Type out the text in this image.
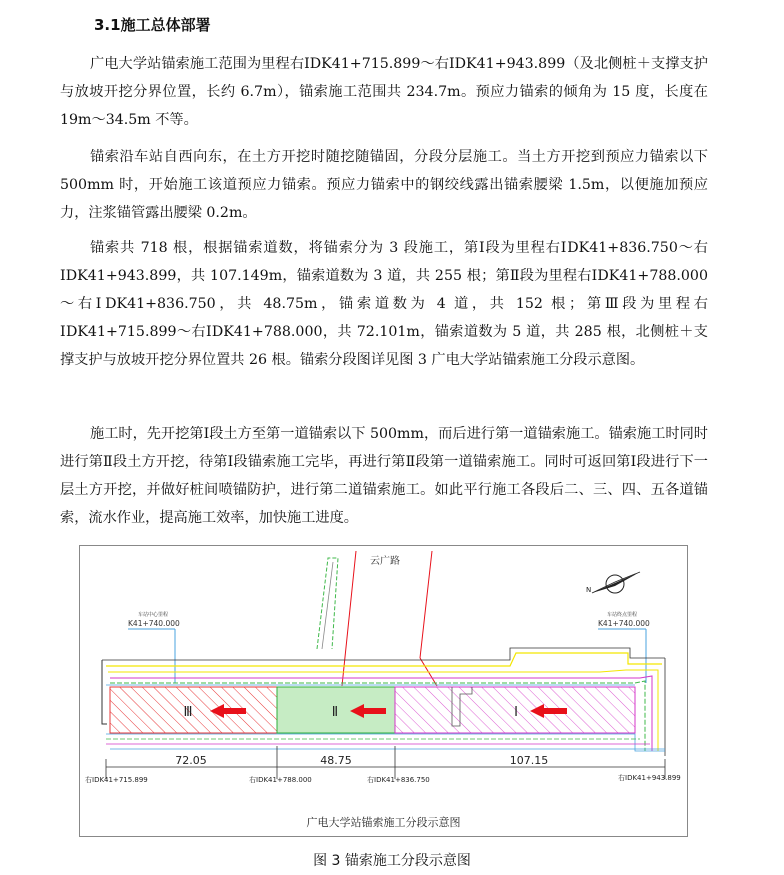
3.1施工总体部署

广电大学站锚索施工范围为里程右ⅠDK41+715.899～右ⅠDK41+943.899（及北侧桩＋支撑支护与放坡开挖分界位置，长约 6.7m），锚索施工范围共 234.7m。预应力锚索的倾角为 15 度，长度在 19m～34.5m 不等。

锚索沿车站自西向东，在土方开挖时随挖随锚固，分段分层施工。当土方开挖到预应力锚索以下 500mm 时，开始施工该道预应力锚索。预应力锚索中的钢绞线露出锚索腰梁 1.5m，以便施加预应力，注浆锚管露出腰梁 0.2m。

锚索共 718 根，根据锚索道数，将锚索分为 3 段施工，第Ⅰ段为里程右ⅠDK41+836.750～右ⅠDK41+943.899，共 107.149m，锚索道数为 3 道，共 255 根；第Ⅱ段为里程右ⅠDK41+788.000～右ⅠDK41+836.750，共 48.75m，锚索道数为 4 道，共 152 根；第Ⅲ段为里程右ⅠDK41+715.899～右ⅠDK41+788.000，共 72.101m，锚索道数为 5 道，共 285 根，北侧桩＋支撑支护与放坡开挖分界位置共 26 根。锚索分段图详见图 3 广电大学站锚索施工分段示意图。

施工时，先开挖第Ⅰ段土方至第一道锚索以下 500mm，而后进行第一道锚索施工。锚索施工时同时进行第Ⅱ段土方开挖，待第Ⅰ段锚索施工完毕，再进行第Ⅱ段第一道锚索施工。同时可返回第Ⅰ段进行下一层土方开挖，并做好桩间喷锚防护，进行第二道锚索施工。如此平行施工各段后二、三、四、五各道锚索，流水作业，提高施工效率，加快施工进度。

云广路
N
车站中心里程
K41+740.000
车站终点里程
K41+740.000
Ⅲ	Ⅱ	Ⅰ
72.05	48.75	107.15
右ⅠDK41+715.899	右ⅠDK41+788.000	右ⅠDK41+836.750	右ⅠDK41+943.899
广电大学站锚索施工分段示意图
图 3 锚索施工分段示意图
